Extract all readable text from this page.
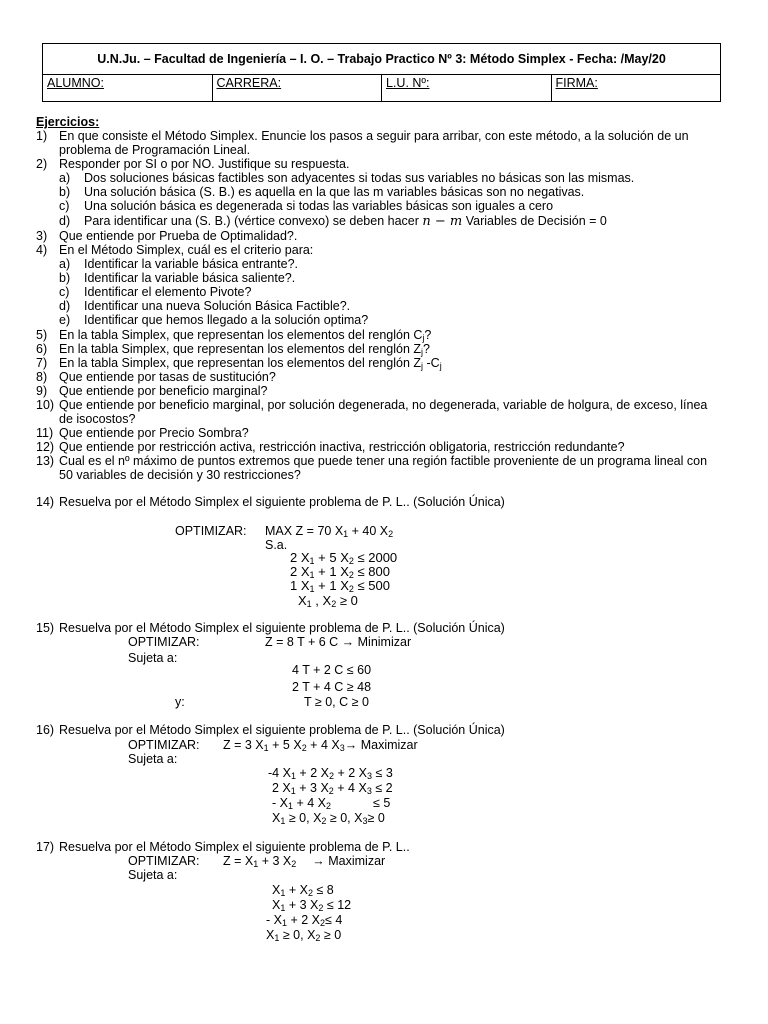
U.N.Ju. – Facultad de Ingeniería – I. O. – Trabajo Practico Nº 3: Método Simplex - Fecha: /May/20
ALUMNO:	CARRERA:	L.U. Nº:	FIRMA:
Ejercicios:
1) En que consiste el Método Simplex. Enuncie los pasos a seguir para arribar, con este método, a la solución de un
problema de Programación Lineal.
2) Responder por SI o por NO. Justifique su respuesta.
a) Dos soluciones básicas factibles son adyacentes si todas sus variables no básicas son las mismas.
b) Una solución básica (S. B.) es aquella en la que las m variables básicas son no negativas.
c) Una solución básica es degenerada si todas las variables básicas son iguales a cero
d) Para identificar una (S. B.) (vértice convexo) se deben hacer n − m Variables de Decisión = 0
3) Que entiende por Prueba de Optimalidad?.
4) En el Método Simplex, cuál es el criterio para:
a) Identificar la variable básica entrante?.
b) Identificar la variable básica saliente?.
c) Identificar el elemento Pivote?
d) Identificar una nueva Solución Básica Factible?.
e) Identificar que hemos llegado a la solución optima?
5) En la tabla Simplex, que representan los elementos del renglón $C_j$?
6) En la tabla Simplex, que representan los elementos del renglón $Z_j$?
7) En la tabla Simplex, que representan los elementos del renglón $Z_j$ $-C_j$
8) Que entiende por tasas de sustitución?
9) Que entiende por beneficio marginal?
10) Que entiende por beneficio marginal, por solución degenerada, no degenerada, variable de holgura, de exceso, línea
de isocostos?
11) Que entiende por Precio Sombra?
12) Que entiende por restricción activa, restricción inactiva, restricción obligatoria, restricción redundante?
13) Cual es el nº máximo de puntos extremos que puede tener una región factible proveniente de un programa lineal con
50 variables de decisión y 30 restricciones?
14) Resuelva por el Método Simplex el siguiente problema de P. L.. (Solución Única)
OPTIMIZAR: MAX Z = 70 $X_1 + 40$ $X_2$
S.a.
2 $X_1 + 5$ $X_2 \le 2000$
2 $X_1 + 1$ $X_2 \le 800$
1 $X_1 + 1$ $X_2 \le 500$
$X_1$ , $X_2 \ge 0$
15) Resuelva por el Método Simplex el siguiente problema de P. L.. (Solución Única)
OPTIMIZAR:	Z = 8 T + 6 C → Minimizar
Sujeta a:
4 T + 2 C ≤ 60
2 T + 4 C ≥ 48
y:	T ≥ 0, C ≥ 0
16) Resuelva por el Método Simplex el siguiente problema de P. L.. (Solución Única)
OPTIMIZAR: Z = 3 $X_1 + 5$ $X_2 + 4$ $X_3\to$ Maximizar
Sujeta a:
-4 $X_1 + 2$ $X_2 + 2$ $X_3 \le 3$
2 $X_1 + 3$ $X_2 + 4$ $X_3 \le 2$
- $X_1 + 4$ $X_2$	≤ 5
$X_1 \ge 0$, $X_2 \ge 0$, $X_3\ge 0$
17) Resuelva por el Método Simplex el siguiente problema de P. L..
OPTIMIZAR: $Z = X_1 + 3$ $X_2$ → Maximizar
Sujeta a:
$X_1 + X_2 \le 8$
$X_1 + 3$ $X_2 \le 12$
- $X_1 + 2$ $X_2\le 4$
$X_1 \ge 0$, $X_2 \ge 0$
